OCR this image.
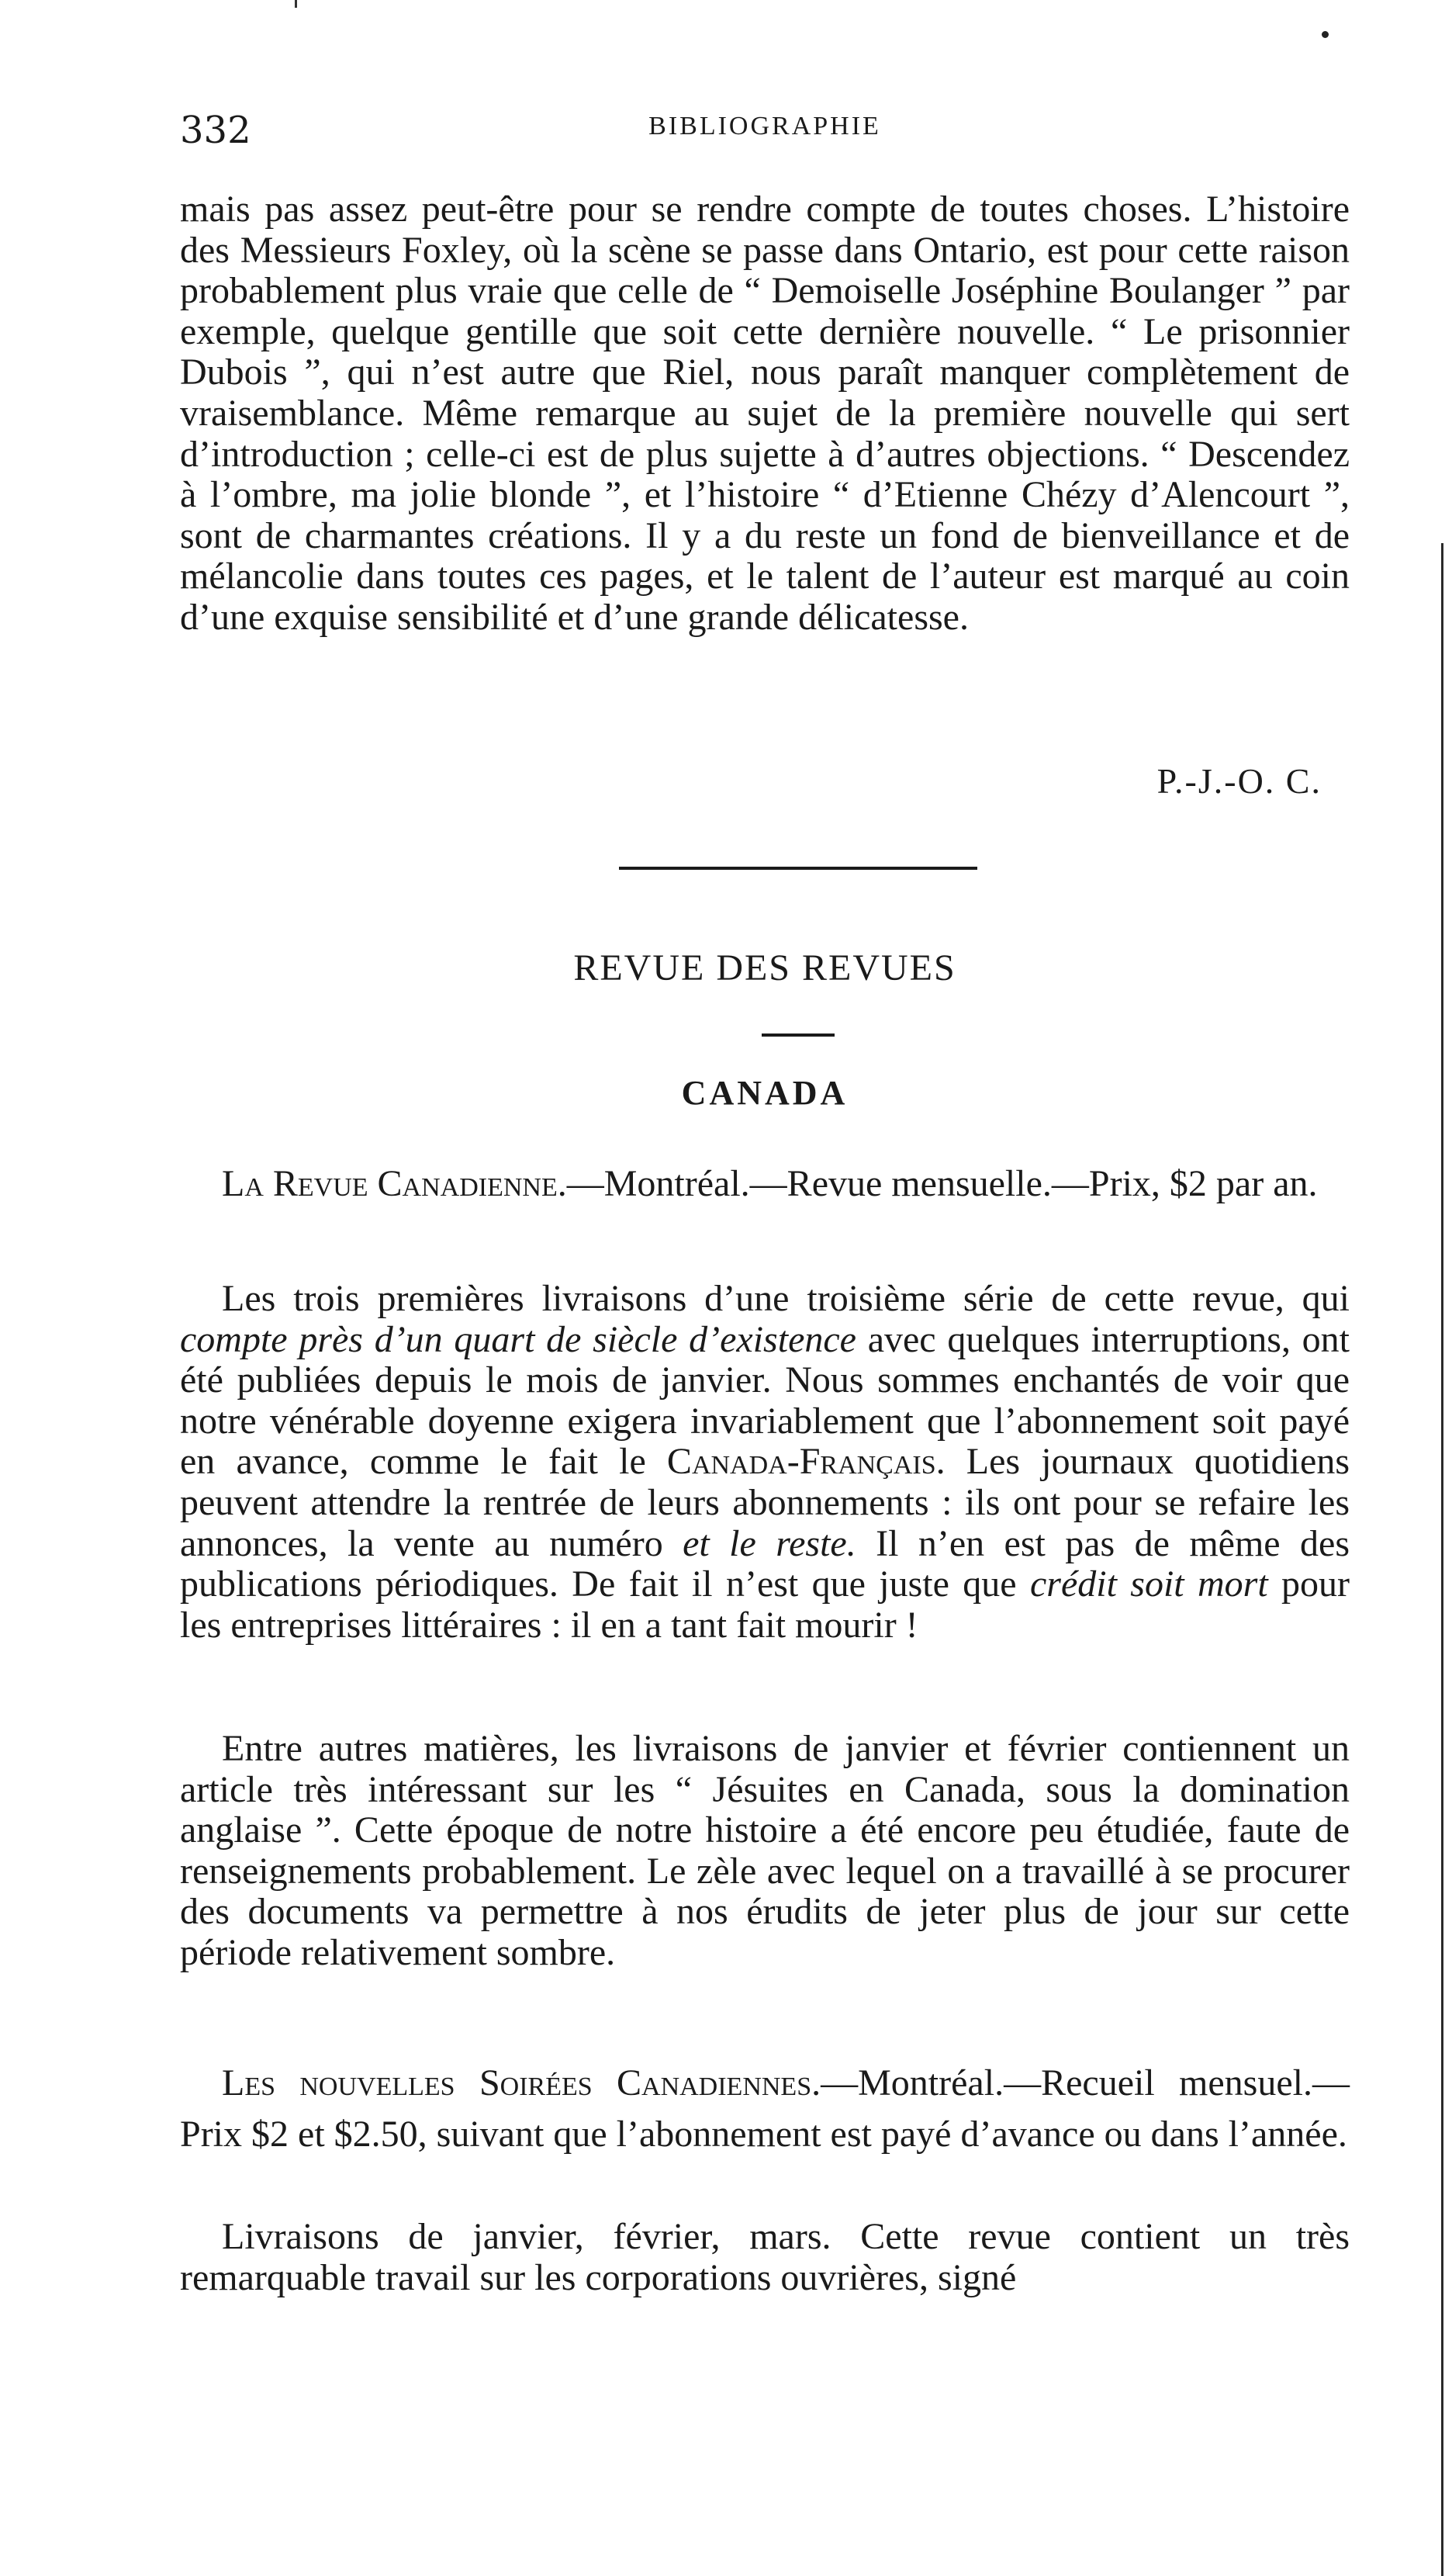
332	BIBLIOGRAPHIE

mais pas assez peut-être pour se rendre compte de toutes choses. L’histoire des Messieurs Foxley, où la scène se passe dans Ontario, est pour cette raison probablement plus vraie que celle de “ Demoiselle Joséphine Boulanger ” par exemple, quelque gentille que soit cette dernière nouvelle. “ Le prisonnier Dubois ”, qui n’est autre que Riel, nous paraît manquer complètement de vraisemblance. Même remarque au sujet de la première nouvelle qui sert d’introduction ; celle-ci est de plus sujette à d’autres objections. “ Descendez à l’ombre, ma jolie blonde ”, et l’histoire “ d’Etienne Chézy d’Alencourt ”, sont de charmantes créations. Il y a du reste un fond de bienveillance et de mélancolie dans toutes ces pages, et le talent de l’auteur est marqué au coin d’une exquise sensibilité et d’une grande délicatesse.

P.-J.-O. C.
REVUE DES REVUES
CANADA

La Revue Canadienne.—Montréal.—Revue mensuelle.—Prix, $2 par an.

Les trois premières livraisons d’une troisième série de cette revue, qui compte près d’un quart de siècle d’existence avec quelques interruptions, ont été publiées depuis le mois de janvier. Nous sommes enchantés de voir que notre vénérable doyenne exigera invariablement que l’abonnement soit payé en avance, comme le fait le Canada-Français. Les journaux quotidiens peuvent attendre la rentrée de leurs abonnements : ils ont pour se refaire les annonces, la vente au numéro et le reste. Il n’en est pas de même des publications périodiques. De fait il n’est que juste que crédit soit mort pour les entreprises littéraires : il en a tant fait mourir !

Entre autres matières, les livraisons de janvier et février contiennent un article très intéressant sur les “ Jésuites en Canada, sous la domination anglaise ”. Cette époque de notre histoire a été encore peu étudiée, faute de renseignements probablement. Le zèle avec lequel on a travaillé à se procurer des documents va permettre à nos érudits de jeter plus de jour sur cette période relativement sombre.

Les nouvelles Soirées Canadiennes.—Montréal.—Recueil mensuel.—Prix $2 et $2.50, suivant que l’abonnement est payé d’avance ou dans l’année.

Livraisons de janvier, février, mars. Cette revue contient un très remarquable travail sur les corporations ouvrières, signé
